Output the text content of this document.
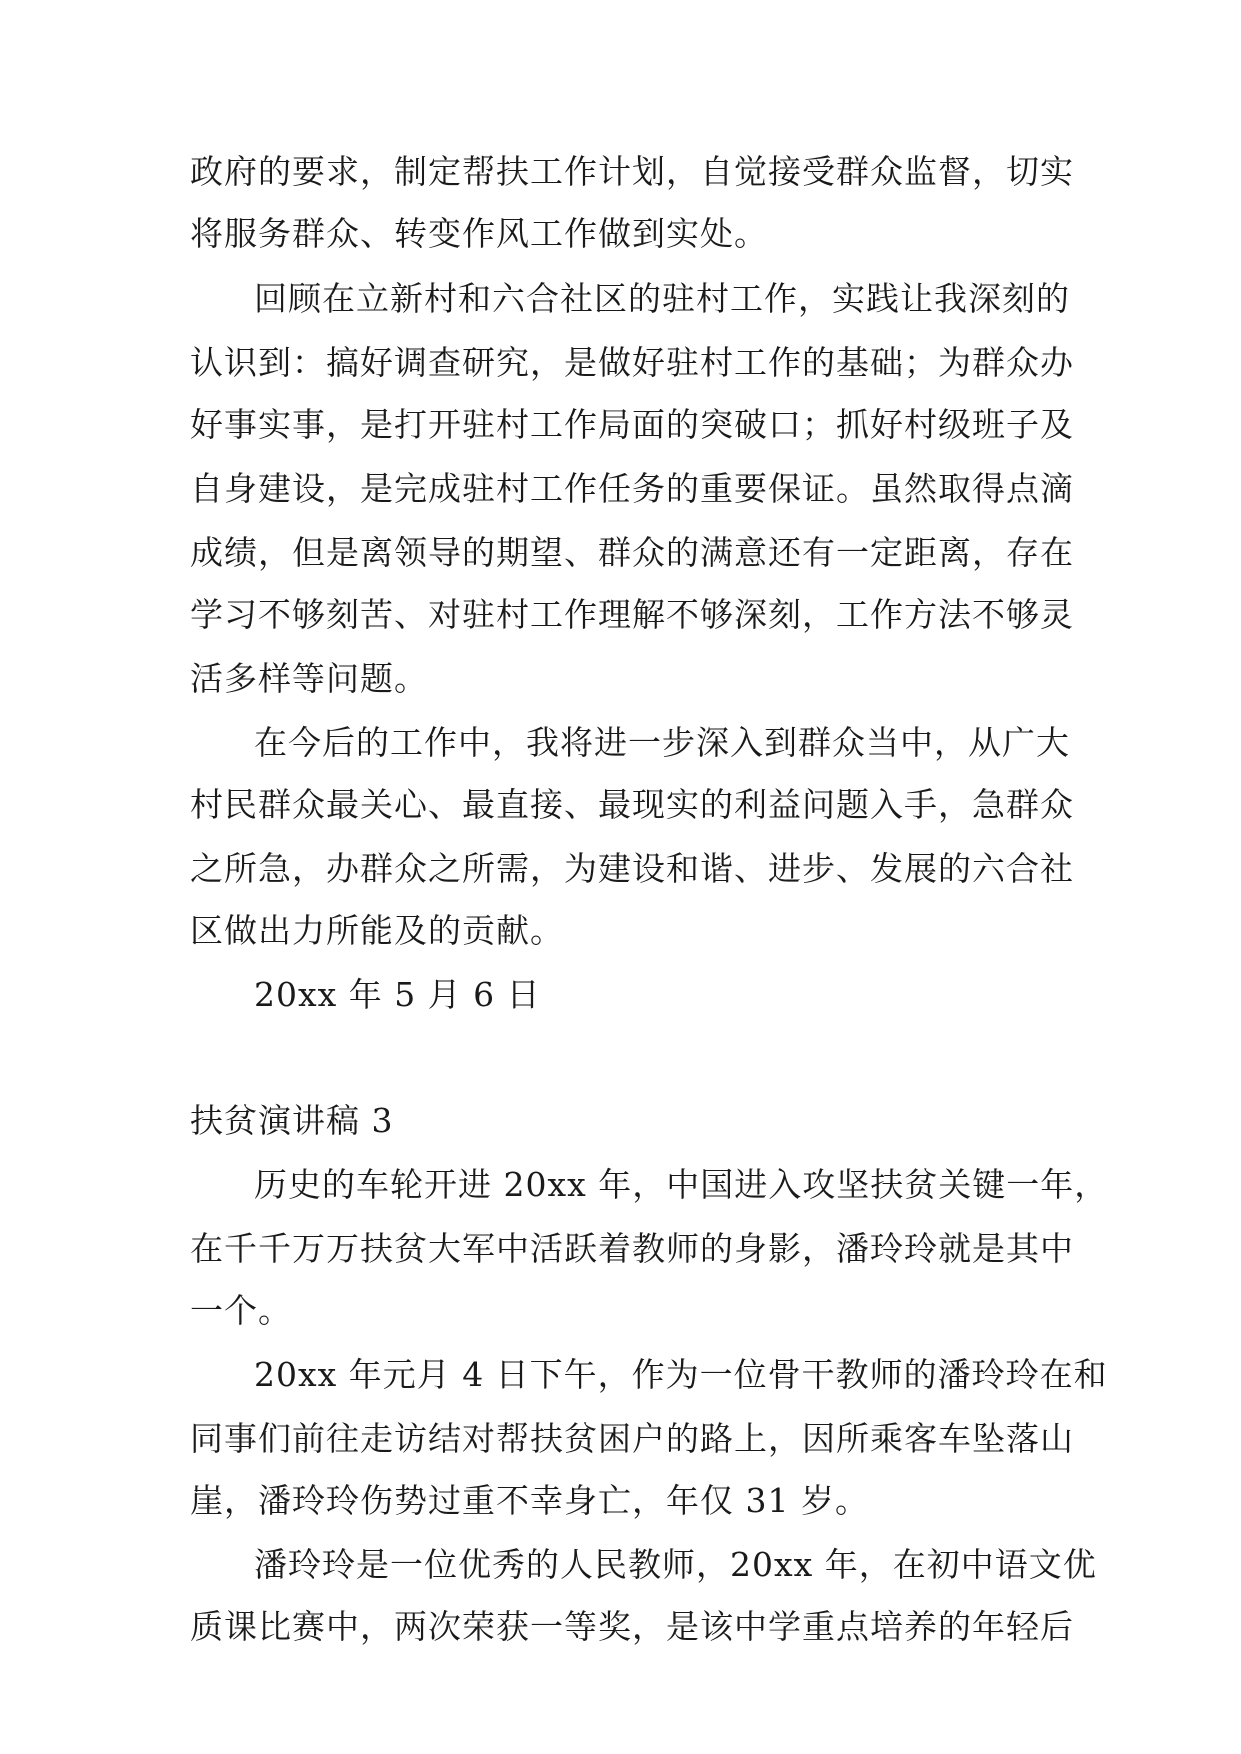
政府的要求，制定帮扶工作计划，自觉接受群众监督，切实
将服务群众、转变作风工作做到实处。
回顾在立新村和六合社区的驻村工作，实践让我深刻的
认识到：搞好调查研究，是做好驻村工作的基础；为群众办
好事实事，是打开驻村工作局面的突破口；抓好村级班子及
自身建设，是完成驻村工作任务的重要保证。虽然取得点滴
成绩，但是离领导的期望、群众的满意还有一定距离，存在
学习不够刻苦、对驻村工作理解不够深刻，工作方法不够灵
活多样等问题。
在今后的工作中，我将进一步深入到群众当中，从广大
村民群众最关心、最直接、最现实的利益问题入手，急群众
之所急，办群众之所需，为建设和谐、进步、发展的六合社
区做出力所能及的贡献。
20xx 年 5 月 6 日
扶贫演讲稿 3
历史的车轮开进 20xx 年，中国进入攻坚扶贫关键一年，
在千千万万扶贫大军中活跃着教师的身影，潘玲玲就是其中
一个。
20xx 年元月 4 日下午，作为一位骨干教师的潘玲玲在和
同事们前往走访结对帮扶贫困户的路上，因所乘客车坠落山
崖，潘玲玲伤势过重不幸身亡，年仅 31 岁。
潘玲玲是一位优秀的人民教师，20xx 年，在初中语文优
质课比赛中，两次荣获一等奖，是该中学重点培养的年轻后
